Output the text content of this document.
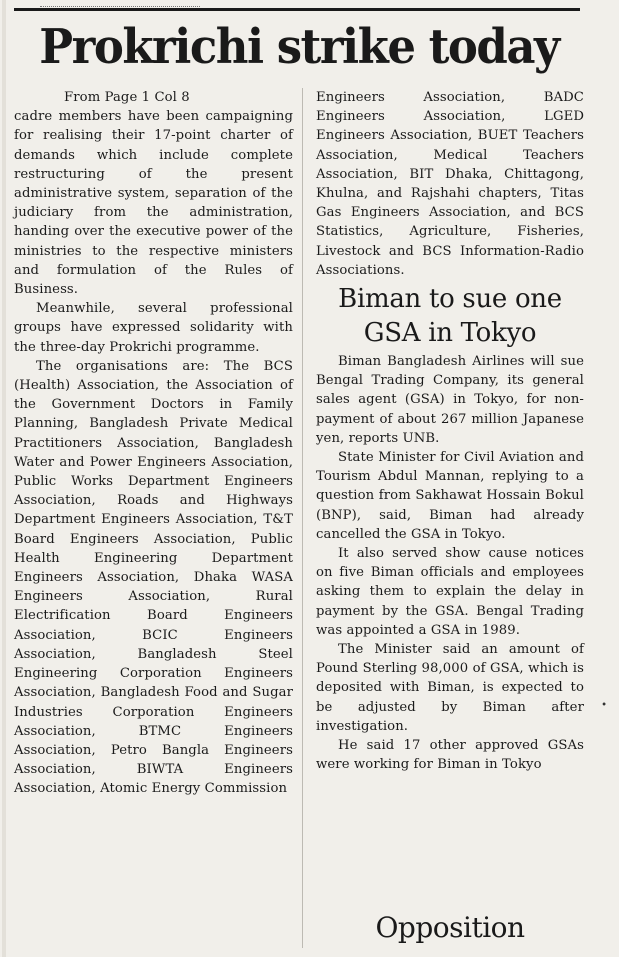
Prokrichi strike today
From Page 1 Col 8

cadre members have been campaigning for realising their 17-point charter of demands which include complete restructuring of the present administrative system, separation of the judiciary from the administration, handing over the executive power of the ministries to the respective ministers and formulation of the Rules of Business.

Meanwhile, several professional groups have expressed solidarity with the three-day Prokrichi programme.

The organisations are: The BCS (Health) Association, the Association of the Government Doctors in Family Planning, Bangladesh Private Medical Practitioners Association, Bangladesh Water and Power Engineers Association, Public Works Department Engineers Association, Roads and Highways Department Engineers Association, T&T Board Engineers Association, Public Health Engineering Department Engineers Association, Dhaka WASA Engineers Association, Rural Electrification Board Engineers Association, BCIC Engineers Association, Bangladesh Steel Engineering Corporation Engineers Association, Bangladesh Food and Sugar Industries Corporation Engineers Association, BTMC Engineers Association, Petro Bangla Engineers Association, BIWTA Engineers Association, Atomic Energy Commission

Engineers Association, BADC Engineers Association, LGED Engineers Association, BUET Teachers Association, Medical Teachers Association, BIT Dhaka, Chittagong, Khulna, and Rajshahi chapters, Titas Gas Engineers Association, and BCS Statistics, Agriculture, Fisheries, Livestock and BCS Information-Radio Associations.

Biman to sue one GSA in Tokyo

Biman Bangladesh Airlines will sue Bengal Trading Company, its general sales agent (GSA) in Tokyo, for non-payment of about 267 million Japanese yen, reports UNB.

State Minister for Civil Aviation and Tourism Abdul Mannan, replying to a question from Sakhawat Hossain Bokul (BNP), said, Biman had already cancelled the GSA in Tokyo.

It also served show cause notices on five Biman officials and employees asking them to explain the delay in payment by the GSA. Bengal Trading was appointed a GSA in 1989.

The Minister said an amount of Pound Sterling 98,000 of GSA, which is deposited with Biman, is expected to be adjusted by Biman after investigation.

He said 17 other approved GSAs were working for Biman in Tokyo

Opposition
•
